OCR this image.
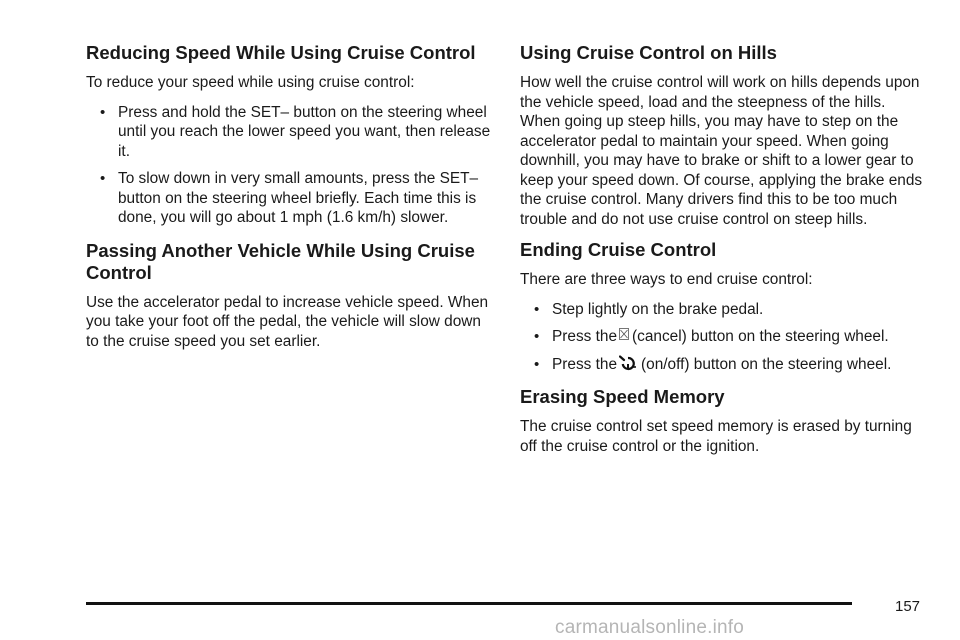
Reducing Speed While Using Cruise Control

To reduce your speed while using cruise control:

• Press and hold the SET– button on the steering wheel until you reach the lower speed you want, then release it.
• To slow down in very small amounts, press the SET– button on the steering wheel briefly. Each time this is done, you will go about 1 mph (1.6 km/h) slower.
Passing Another Vehicle While Using Cruise Control

Use the accelerator pedal to increase vehicle speed. When you take your foot off the pedal, the vehicle will slow down to the cruise speed you set earlier.

Using Cruise Control on Hills

How well the cruise control will work on hills depends upon the vehicle speed, load and the steepness of the hills. When going up steep hills, you may have to step on the accelerator pedal to maintain your speed. When going downhill, you may have to brake or shift to a lower gear to keep your speed down. Of course, applying the brake ends the cruise control. Many drivers find this to be too much trouble and do not use cruise control on steep hills.

Ending Cruise Control

There are three ways to end cruise control:

• Step lightly on the brake pedal.
• Press the (cancel) button on the steering wheel.
• Press the (on/off) button on the steering wheel.
Erasing Speed Memory

The cruise control set speed memory is erased by turning off the cruise control or the ignition.

157
carmanualsonline.info
